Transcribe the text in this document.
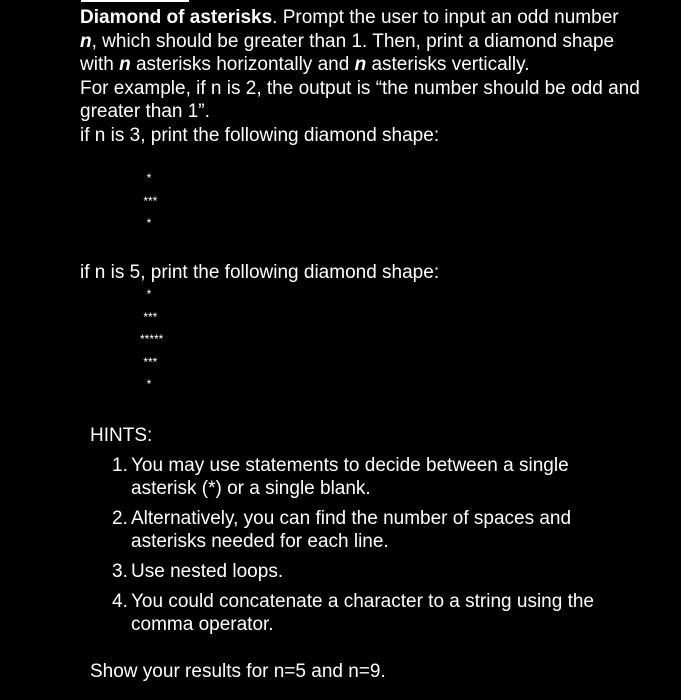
Diamond of asterisks. Prompt the user to input an odd number n, which should be greater than 1. Then, print a diamond shape with n asterisks horizontally and n asterisks vertically.

For example, if n is 2, the output is “the number should be odd and greater than 1”.

if n is 3, print the following diamond shape:

*
***
*

if n is 5, print the following diamond shape:

*
***
*****
***
*

HINTS:

1. You may use statements to decide between a single asterisk (*) or a single blank.
2. Alternatively, you can find the number of spaces and asterisks needed for each line.
3. Use nested loops.
4. You could concatenate a character to a string using the comma operator.

Show your results for n=5 and n=9.
